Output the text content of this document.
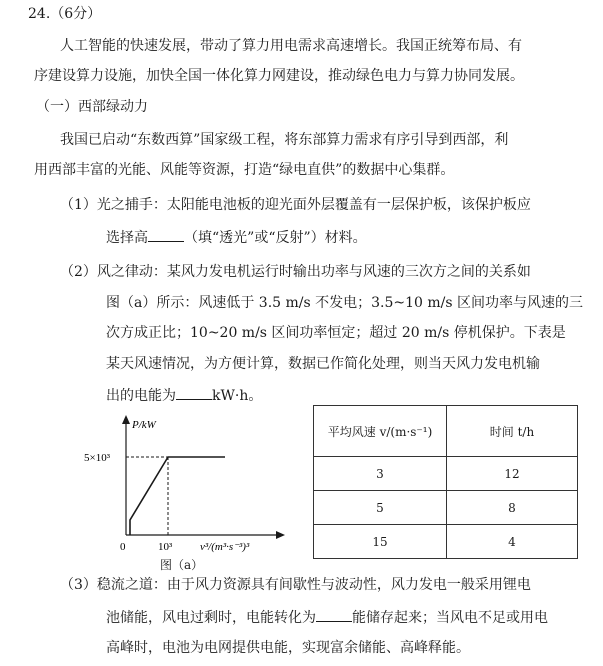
24.（6分）
人工智能的快速发展，带动了算力用电需求高速增长。我国正统筹布局、有
序建设算力设施，加快全国一体化算力网建设，推动绿色电力与算力协同发展。
（一）西部绿动力
我国已启动“东数西算”国家级工程，将东部算力需求有序引导到西部，利
用西部丰富的光能、风能等资源，打造“绿电直供”的数据中心集群。
（1）光之捕手：太阳能电池板的迎光面外层覆盖有一层保护板，该保护板应
选择高	（填“透光”或“反射”）材料。
（2）风之律动：某风力发电机运行时输出功率与风速的三次方之间的关系如
图（a）所示：风速低于 3.5 m/s 不发电；3.5~10 m/s 区间功率与风速的三
次方成正比；10~20 m/s 区间功率恒定；超过 20 m/s 停机保护。下表是
某天风速情况，为方便计算，数据已作简化处理，则当天风力发电机输
出的电能为	kW·h。
P/kW
5×10³
0	10³	v³/(m³·s⁻³)³
图（a）
平均风速 v/(m·s⁻¹)	时间 t/h
3	12
5	8
15	4
（3）稳流之道：由于风力资源具有间歇性与波动性，风力发电一般采用锂电
池储能，风电过剩时，电能转化为	能储存起来；当风电不足或用电
高峰时，电池为电网提供电能，实现富余储能、高峰释能。
